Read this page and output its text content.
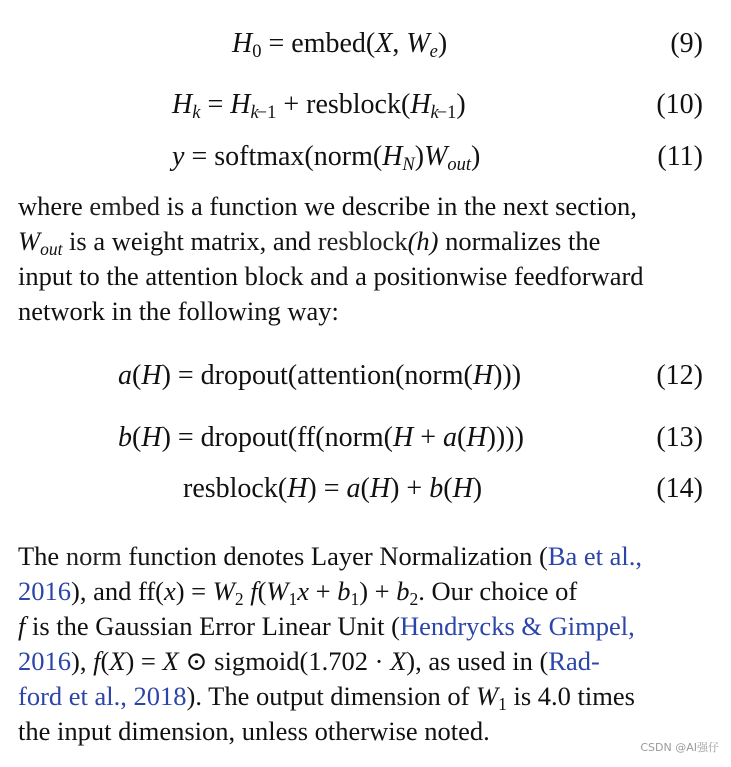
$H_0$ = embed(X, $W_e$)	(9)
$H_k = H_{k-1}$ + $resblock(H_{k-1})$	(10)
$y = softmax(norm(H_N)W_{out})$	(11)
where embed is a function we describe in the next section,
$W_{out}$ is a weight matrix, and resblock(h) normalizes the
input to the attention block and a positionwise feedforward
network in the following way:
a(H) = dropout(attention(norm(H)))	(12)
b(H) = dropout(ff(norm(H + a(H))))	(13)
resblock(H) = a(H) + b(H)	(14)
The norm function denotes Layer Normalization (Ba et al.,
2016), and $ff(x) = W_2$ $f(W_1x + b_1) + b_2$. Our choice of
f is the Gaussian Error Linear Unit (Hendrycks & Gimpel,
2016), f(X) = X ⊙ sigmoid(1.702 · X), as used in (Rad-
ford et al., 2018). The output dimension of $W_1$ is 4.0 times
the input dimension, unless otherwise noted.
CSDN @AI强仔
